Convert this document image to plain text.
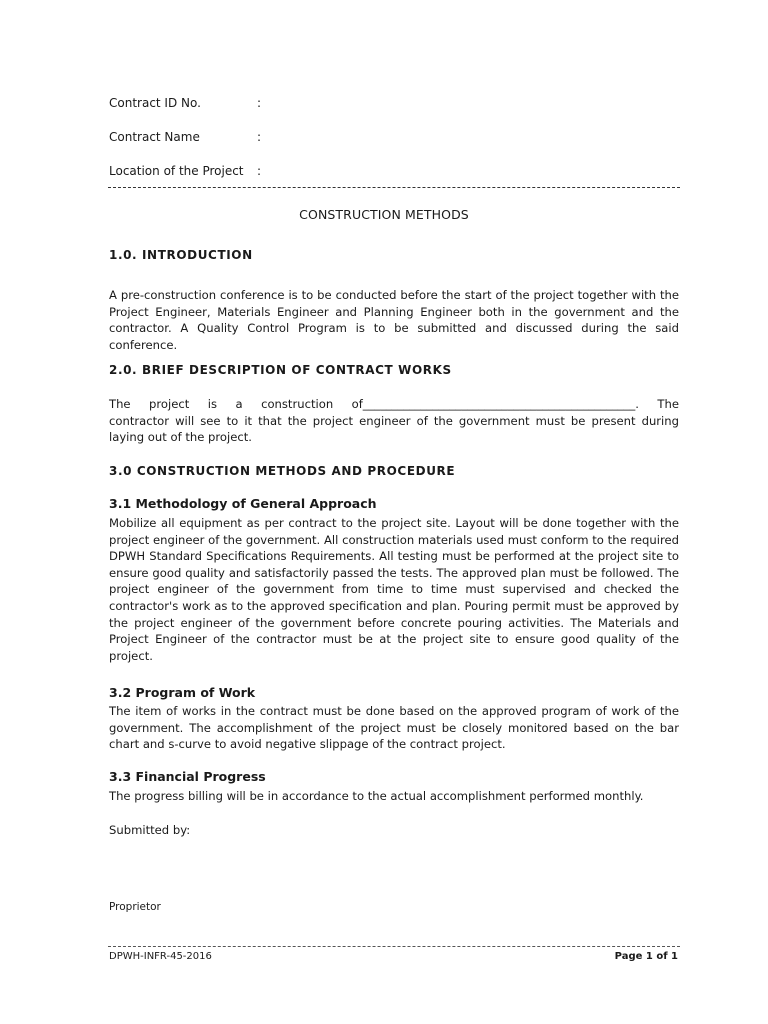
Contract ID No.	:
Contract Name	:
Location of the Project :
CONSTRUCTION METHODS
1.0. INTRODUCTION
A pre-construction conference is to be conducted before the start of the project together with the Project Engineer, Materials Engineer and Planning Engineer both in the government and the contractor. A Quality Control Program is to be submitted and discussed during the said conference.
2.0. BRIEF DESCRIPTION OF CONTRACT WORKS
The project is a construction of_______________________________________________. The
contractor will see to it that the project engineer of the government must be present during laying out of the project.
3.0 CONSTRUCTION METHODS AND PROCEDURE
3.1 Methodology of General Approach
Mobilize all equipment as per contract to the project site. Layout will be done together with the project engineer of the government. All construction materials used must conform to the required DPWH Standard Specifications Requirements. All testing must be performed at the project site to ensure good quality and satisfactorily passed the tests. The approved plan must be followed. The project engineer of the government from time to time must supervised and checked the contractor's work as to the approved specification and plan. Pouring permit must be approved by the project engineer of the government before concrete pouring activities. The Materials and Project Engineer of the contractor must be at the project site to ensure good quality of the project.
3.2 Program of Work
The item of works in the contract must be done based on the approved program of work of the government. The accomplishment of the project must be closely monitored based on the bar chart and s-curve to avoid negative slippage of the contract project.
3.3 Financial Progress
The progress billing will be in accordance to the actual accomplishment performed monthly.
Submitted by:
Proprietor
DPWH-INFR-45-2016	Page 1 of 1
